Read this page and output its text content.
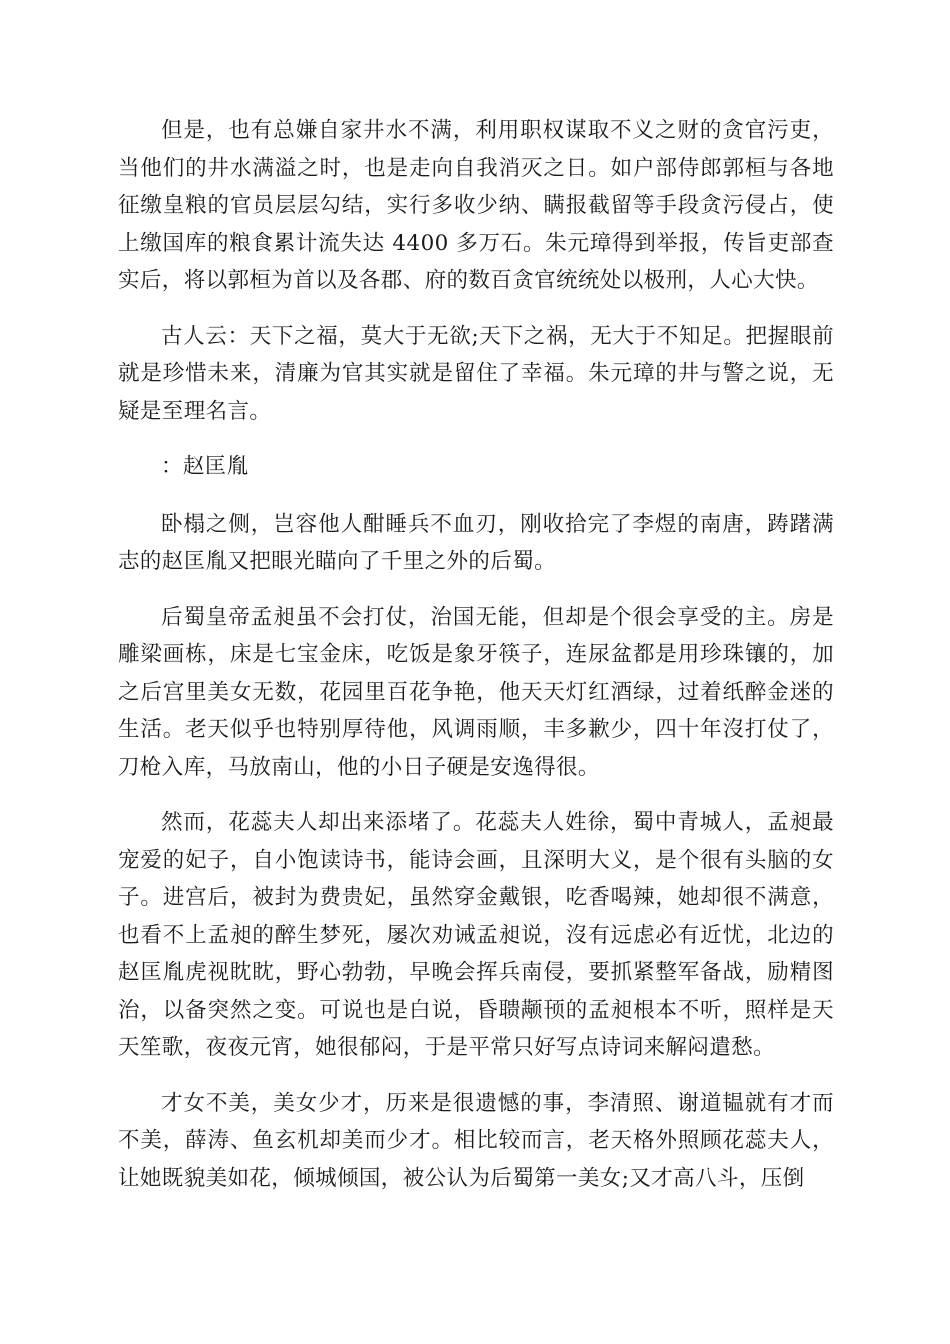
但是，也有总嫌自家井水不满，利用职权谋取不义之财的贪官污吏，当他们的井水满溢之时，也是走向自我消灭之日。如户部侍郎郭桓与各地征缴皇粮的官员层层勾结，实行多收少纳、瞒报截留等手段贪污侵占，使上缴国库的粮食累计流失达 4400 多万石。朱元璋得到举报，传旨吏部查实后，将以郭桓为首以及各郡、府的数百贪官统统处以极刑，人心大快。

古人云：天下之福，莫大于无欲;天下之祸，无大于不知足。把握眼前就是珍惜未来，清廉为官其实就是留住了幸福。朱元璋的井与警之说，无疑是至理名言。

：赵匡胤

卧榻之侧，岂容他人酣睡兵不血刃，刚收拾完了李煜的南唐，踌躇满志的赵匡胤又把眼光瞄向了千里之外的后蜀。

后蜀皇帝孟昶虽不会打仗，治国无能，但却是个很会享受的主。房是雕梁画栋，床是七宝金床，吃饭是象牙筷子，连尿盆都是用珍珠镶的，加之后宫里美女无数，花园里百花争艳，他天天灯红酒绿，过着纸醉金迷的生活。老天似乎也特别厚待他，风调雨顺，丰多歉少，四十年沒打仗了，刀枪入库，马放南山，他的小日子硬是安逸得很。

然而，花蕊夫人却出来添堵了。花蕊夫人姓徐，蜀中青城人，孟昶最宠爱的妃子，自小饱读诗书，能诗会画，且深明大义，是个很有头脑的女子。进宫后，被封为费贵妃，虽然穿金戴银，吃香喝辣，她却很不满意，也看不上孟昶的醉生梦死，屡次劝诫孟昶说，沒有远虑必有近忧，北边的赵匡胤虎视眈眈，野心勃勃，早晚会挥兵南侵，要抓紧整军备战，励精图治，以备突然之变。可说也是白说，昏聩颟顸的孟昶根本不听，照样是天天笙歌，夜夜元宵，她很郁闷，于是平常只好写点诗词来解闷遣愁。

才女不美，美女少才，历来是很遗憾的事，李清照、谢道韫就有才而不美，薛涛、鱼玄机却美而少才。相比较而言，老天格外照顾花蕊夫人，让她既貌美如花，倾城倾国，被公认为后蜀第一美女;又才高八斗，压倒
